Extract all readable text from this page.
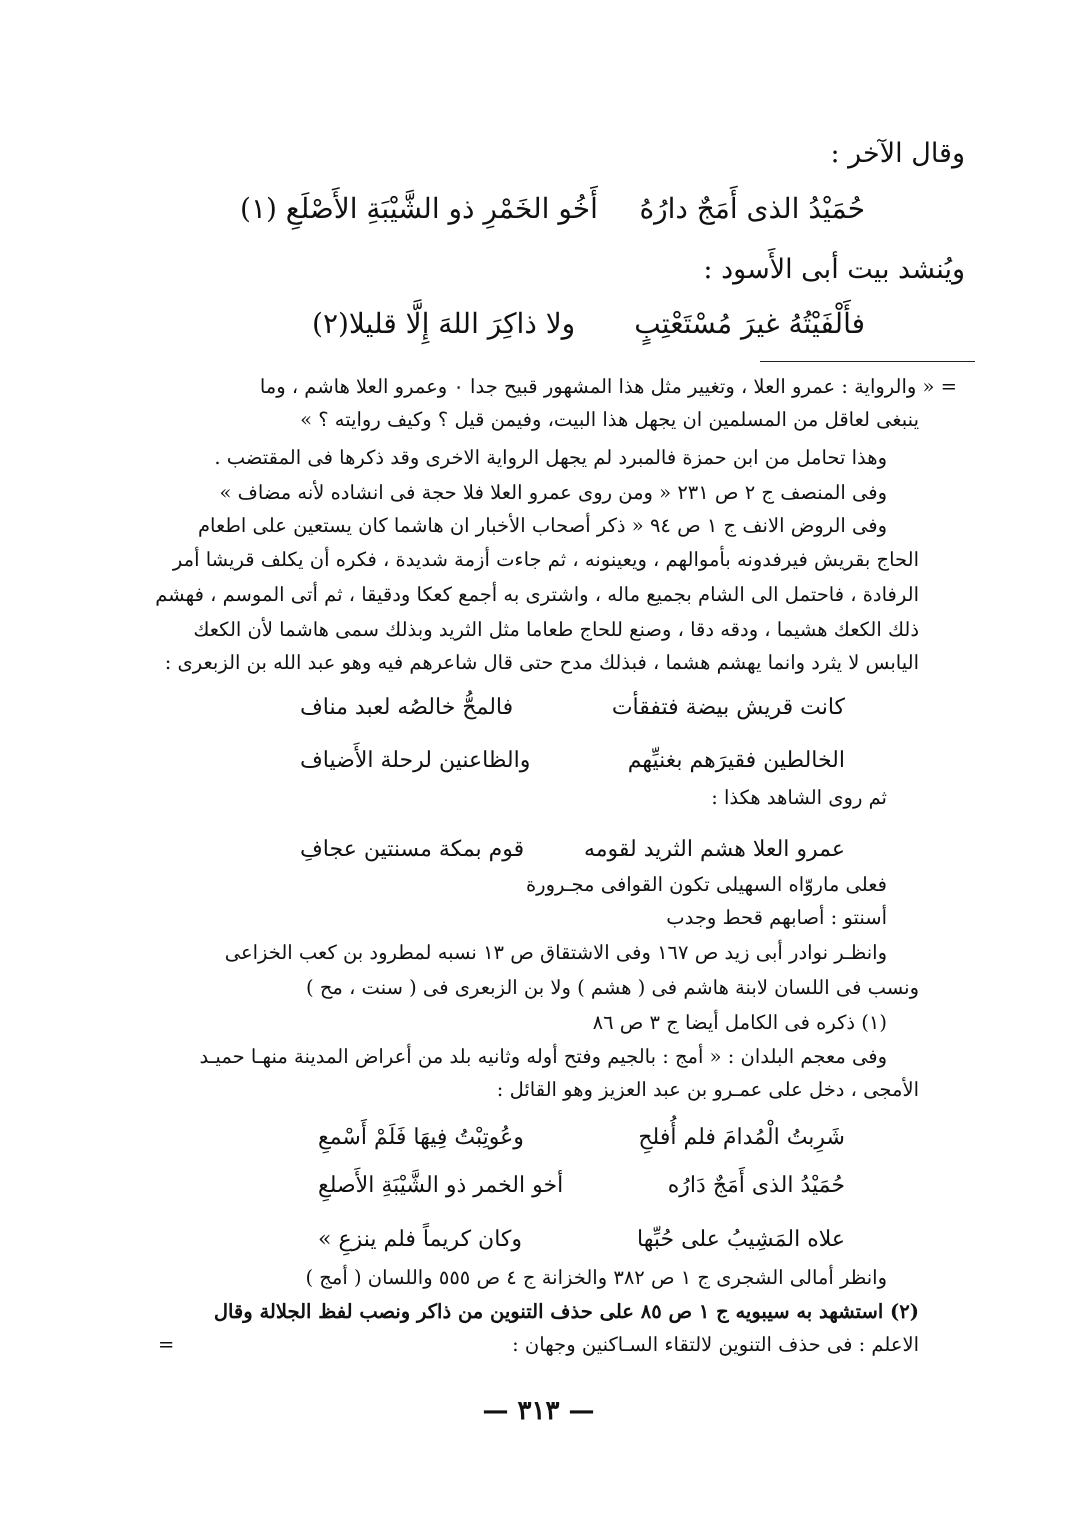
وقال الآخر :
حُمَيْدُ الذى أَمَجٌ دارُهُ
أَخُو الخَمْرِ ذو الشَّيْبَةِ الأَصْلَعِ (١)
ويُنشد بيت أبى الأَسود :
فأَلْفَيْتُهُ غيرَ مُسْتَعْتِبٍ
ولا ذاكِرَ اللهَ إِلَّا قليلا(٢)
= « والرواية : عمرو العلا ، وتغيير مثل هذا المشهور قبيح جدا ٠ وعمرو العلا هاشم ، وما
ينبغى لعاقل من المسلمين ان يجهل هذا البيت، وفيمن قيل ؟ وكيف روايته ؟ »
وهذا تحامل من ابن حمزة فالمبرد لم يجهل الرواية الاخرى وقد ذكرها فى المقتضب .
وفى المنصف ج ٢ ص ٢٣١ « ومن روى عمرو العلا فلا حجة فى انشاده لأنه مضاف »
وفى الروض الانف ج ١ ص ٩٤ « ذكر أصحاب الأخبار ان هاشما كان يستعين على اطعام
الحاج بقريش فيرفدونه بأموالهم ، ويعينونه ، ثم جاءت أزمة شديدة ، فكره أن يكلف قريشا أمر
الرفادة ، فاحتمل الى الشام بجميع ماله ، واشترى به أجمع كعكا ودقيقا ، ثم أتى الموسم ، فهشم
ذلك الكعك هشيما ، ودقه دقا ، وصنع للحاج طعاما مثل الثريد وبذلك سمى هاشما لأن الكعك
اليابس لا يثرد وانما يهشم هشما ، فبذلك مدح حتى قال شاعرهم فيه وهو عبد الله بن الزبعرى :
كانت قريش بيضة فتفقأت
فالمحُّ خالصُه لعبد مناف
الخالطين فقيرَهم بغنيِّهم
والظاعنين لرحلة الأَضياف
ثم روى الشاهد هكذا :
عمرو العلا هشم الثريد لقومه
قوم بمكة مسنتين عجافِ
فعلى ماروّاه السهيلى تكون القوافى مجـرورة
أسنتو : أصابهم قحط وجدب
وانظـر نوادر أبى زيد ص ١٦٧ وفى الاشتقاق ص ١٣ نسبه لمطرود بن كعب الخزاعى
ونسب فى اللسان لابنة هاشم فى ( هشم ) ولا بن الزبعرى فى ( سنت ، مح )
(١) ذكره فى الكامل أيضا ج ٣ ص ٨٦
وفى معجم البلدان : « أمج : بالجيم وفتح أوله وثانيه بلد من أعراض المدينة منهـا حميـد
الأمجى ، دخل على عمـرو بن عبد العزيز وهو القائل :
شَرِبتُ الْمُدامَ فلم أُفلحِ
وعُوتِبْتُ فِيهَا فَلَمْ أَسْمعِ
حُمَيْدُ الذى أَمَجٌ دَارُه
أخو الخمر ذو الشَّيْبَةِ الأَصلعِ
علاه المَشِيبُ على حُبِّها
وكان كريماً فلم ينزعِ »
وانظر أمالى الشجرى ج ١ ص ٣٨٢ والخزانة ج ٤ ص ٥٥٥ واللسان ( أمج )
(٢) استشهد به سيبويه ج ١ ص ٨٥ على حذف التنوين من ذاكر ونصب لفظ الجلالة وقال
الاعلم : فى حذف التنوين لالتقاء السـاكنين وجهان :
=
— ٣١٣ —
